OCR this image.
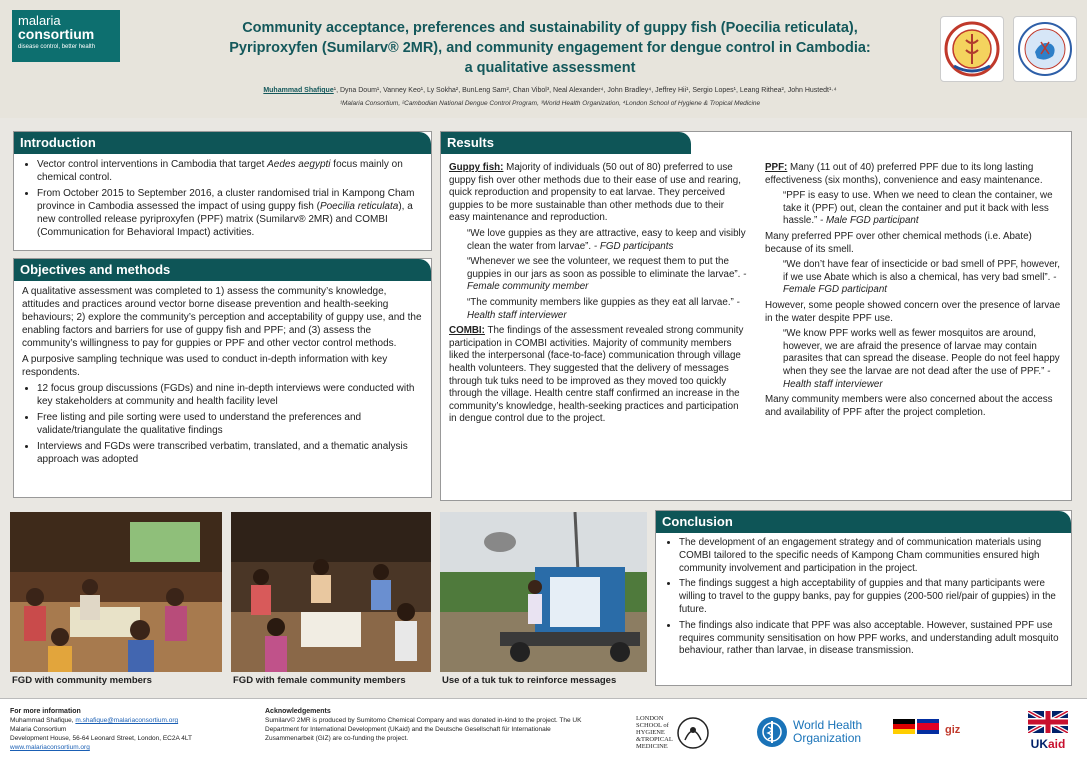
malaria
consortium
disease control, better health
Community acceptance, preferences and sustainability of guppy fish (Poecilia reticulata),
Pyriproxyfen (Sumilarv® 2MR), and community engagement for dengue control in Cambodia:
a qualitative assessment
Muhammad Shafique¹, Dyna Doum¹, Vanney Keo¹, Ly Sokha², BunLeng Sam², Chan Vibol³, Neal Alexander⁴, John Bradley⁴, Jeffrey Hii¹, Sergio Lopes¹, Leang Rithea², John Hustedt¹·⁴
¹Malaria Consortium, ²Cambodian National Dengue Control Program, ³World Health Organization, ⁴London School of Hygiene & Tropical Medicine
Introduction
• Vector control interventions in Cambodia that target Aedes aegypti focus mainly on chemical control.
• From October 2015 to September 2016, a cluster randomised trial in Kampong Cham province in Cambodia assessed the impact of using guppy fish (Poecilia reticulata), a new controlled release pyriproxyfen (PPF) matrix (Sumilarv® 2MR) and COMBI (Communication for Behavioral Impact) activities.
Objectives and methods

A qualitative assessment was completed to 1) assess the community’s knowledge, attitudes and practices around vector borne disease prevention and health-seeking behaviours; 2) explore the community’s perception and acceptability of guppy use, and the enabling factors and barriers for use of guppy fish and PPF; and (3) assess the community’s willingness to pay for guppies or PPF and other vector control methods.

A purposive sampling technique was used to conduct in-depth information with key respondents.

• 12 focus group discussions (FGDs) and nine in-depth interviews were conducted with key stakeholders at community and health facility level
• Free listing and pile sorting were used to understand the preferences and validate/triangulate the qualitative findings
• Interviews and FGDs were transcribed verbatim, translated, and a thematic analysis approach was adopted
Results

Guppy fish: Majority of individuals (50 out of 80) preferred to use guppy fish over other methods due to their ease of use and rearing, quick reproduction and propensity to eat larvae. They perceived guppies to be more sustainable than other methods due to their easy maintenance and reproduction.

“We love guppies as they are attractive, easy to keep and visibly clean the water from larvae”. - FGD participants

“Whenever we see the volunteer, we request them to put the guppies in our jars as soon as possible to eliminate the larvae”. - Female community member

“The community members like guppies as they eat all larvae.” - Health staff interviewer

COMBI: The findings of the assessment revealed strong community participation in COMBI activities. Majority of community members liked the interpersonal (face-to-face) communication through village health volunteers. They suggested that the delivery of messages through tuk tuks need to be improved as they moved too quickly through the village. Health centre staff confirmed an increase in the community’s knowledge, health-seeking practices and participation in dengue control due to the project.

PPF: Many (11 out of 40) preferred PPF due to its long lasting effectiveness (six months), convenience and easy maintenance.

“PPF is easy to use. When we need to clean the container, we take it (PPF) out, clean the container and put it back with less hassle.” - Male FGD participant

Many preferred PPF over other chemical methods (i.e. Abate) because of its smell.

“We don’t have fear of insecticide or bad smell of PPF, however, if we use Abate which is also a chemical, has very bad smell”. - Female FGD participant

However, some people showed concern over the presence of larvae in the water despite PPF use.

“We know PPF works well as fewer mosquitos are around, however, we are afraid the presence of larvae may contain parasites that can spread the disease. People do not feel happy when they see the larvae are not dead after the use of PPF.” - Health staff interviewer

Many community members were also concerned about the access and availability of PPF after the project completion.

FGD with community members	FGD with female community members	Use of a tuk tuk to reinforce messages
Conclusion
• The development of an engagement strategy and of communication materials using COMBI tailored to the specific needs of Kampong Cham communities ensured high community involvement and participation in the project.
• The findings suggest a high acceptability of guppies and that many participants were willing to travel to the guppy banks, pay for guppies (200-500 riel/pair of guppies) in the future.
• The findings also indicate that PPF was also acceptable. However, sustained PPF use requires community sensitisation on how PPF works, and understanding adult mosquito behaviour, rather than larvae, in disease transmission.
For more information
Muhammad Shafique, m.shafique@malariaconsortium.org
Malaria Consortium
Development House, 56-64 Leonard Street, London, EC2A 4LT
www.malariaconsortium.org
Acknowledgements
Sumilarv© 2MR is produced by Sumitomo Chemical Company and was donated in-kind to the project. The UK Department for International Development (UKaid) and the Deutsche Gesellschaft für Internationale Zusammenarbeit (GIZ) are co-funding the project.
LONDON
SCHOOL of
HYGIENE
&TROPICAL
MEDICINE
World Health
Organization
giz
UKaid
